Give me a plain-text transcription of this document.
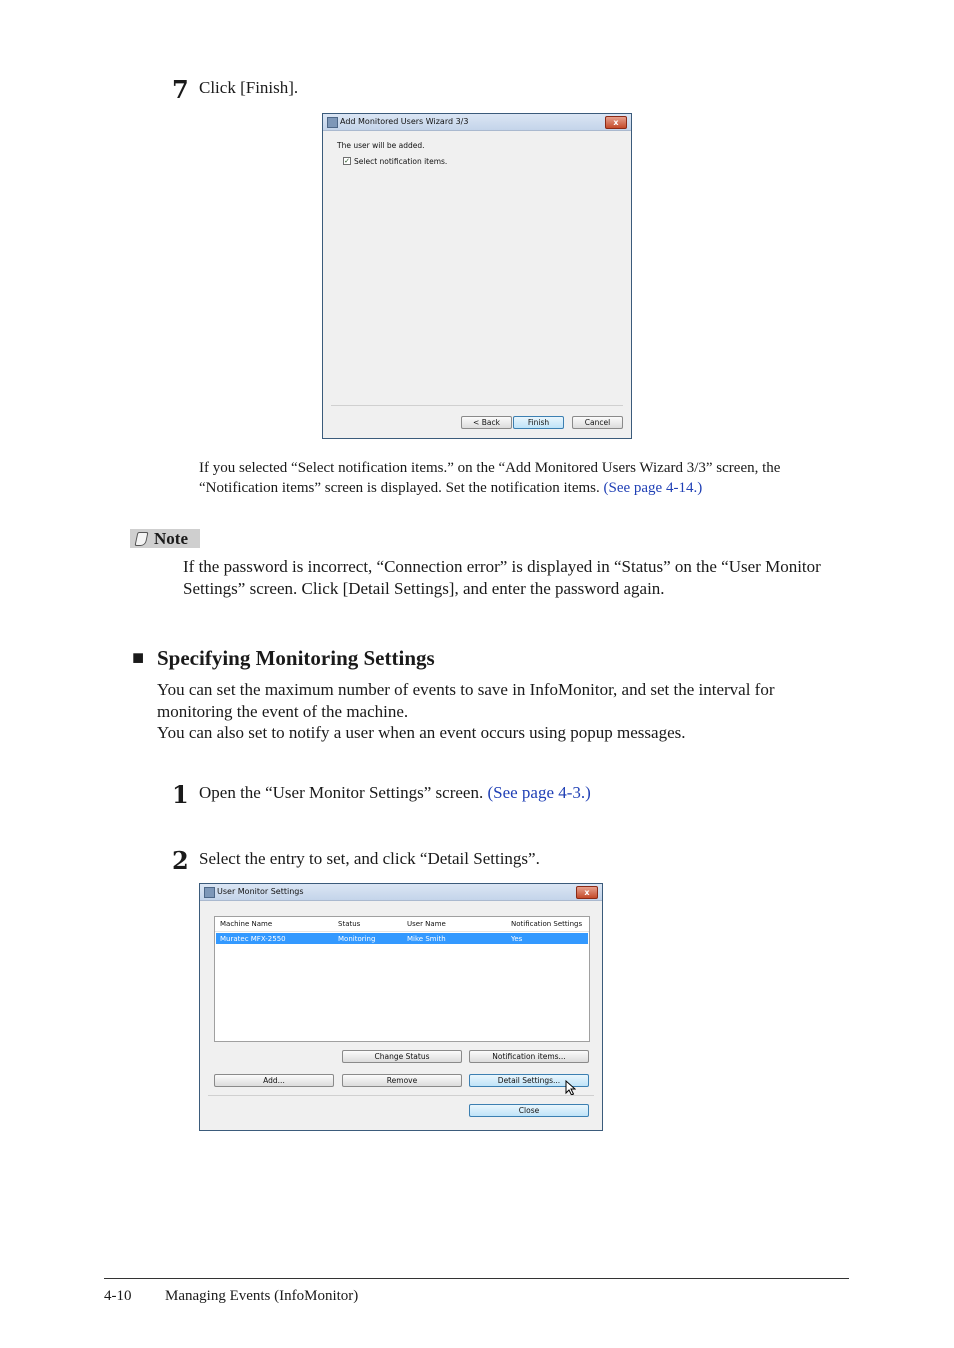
7 Click [Finish].
Add Monitored Users Wizard 3/3	x
The user will be added.
✓ Select notification items.
< Back	Finish	Cancel
If you selected “Select notification items.” on the “Add Monitored Users Wizard 3/3” screen, the “Notification items” screen is displayed. Set the notification items. (See page 4-14.)
Note
If the password is incorrect, “Connection error” is displayed in “Status” on the “User Monitor Settings” screen. Click [Detail Settings], and enter the password again.
■ Specifying Monitoring Settings
You can set the maximum number of events to save in InfoMonitor, and set the interval for monitoring the event of the machine.
You can also set to notify a user when an event occurs using popup messages.
1 Open the “User Monitor Settings” screen. (See page 4-3.)
2 Select the entry to set, and click “Detail Settings”.
User Monitor Settings	x
Machine Name	Status	User Name	Notification Settings
Muratec MFX-2550	Monitoring	Mike Smith	Yes
Change Status	Notification items...
Add...	Remove	Detail Settings...
Close
4-10 Managing Events (InfoMonitor)
